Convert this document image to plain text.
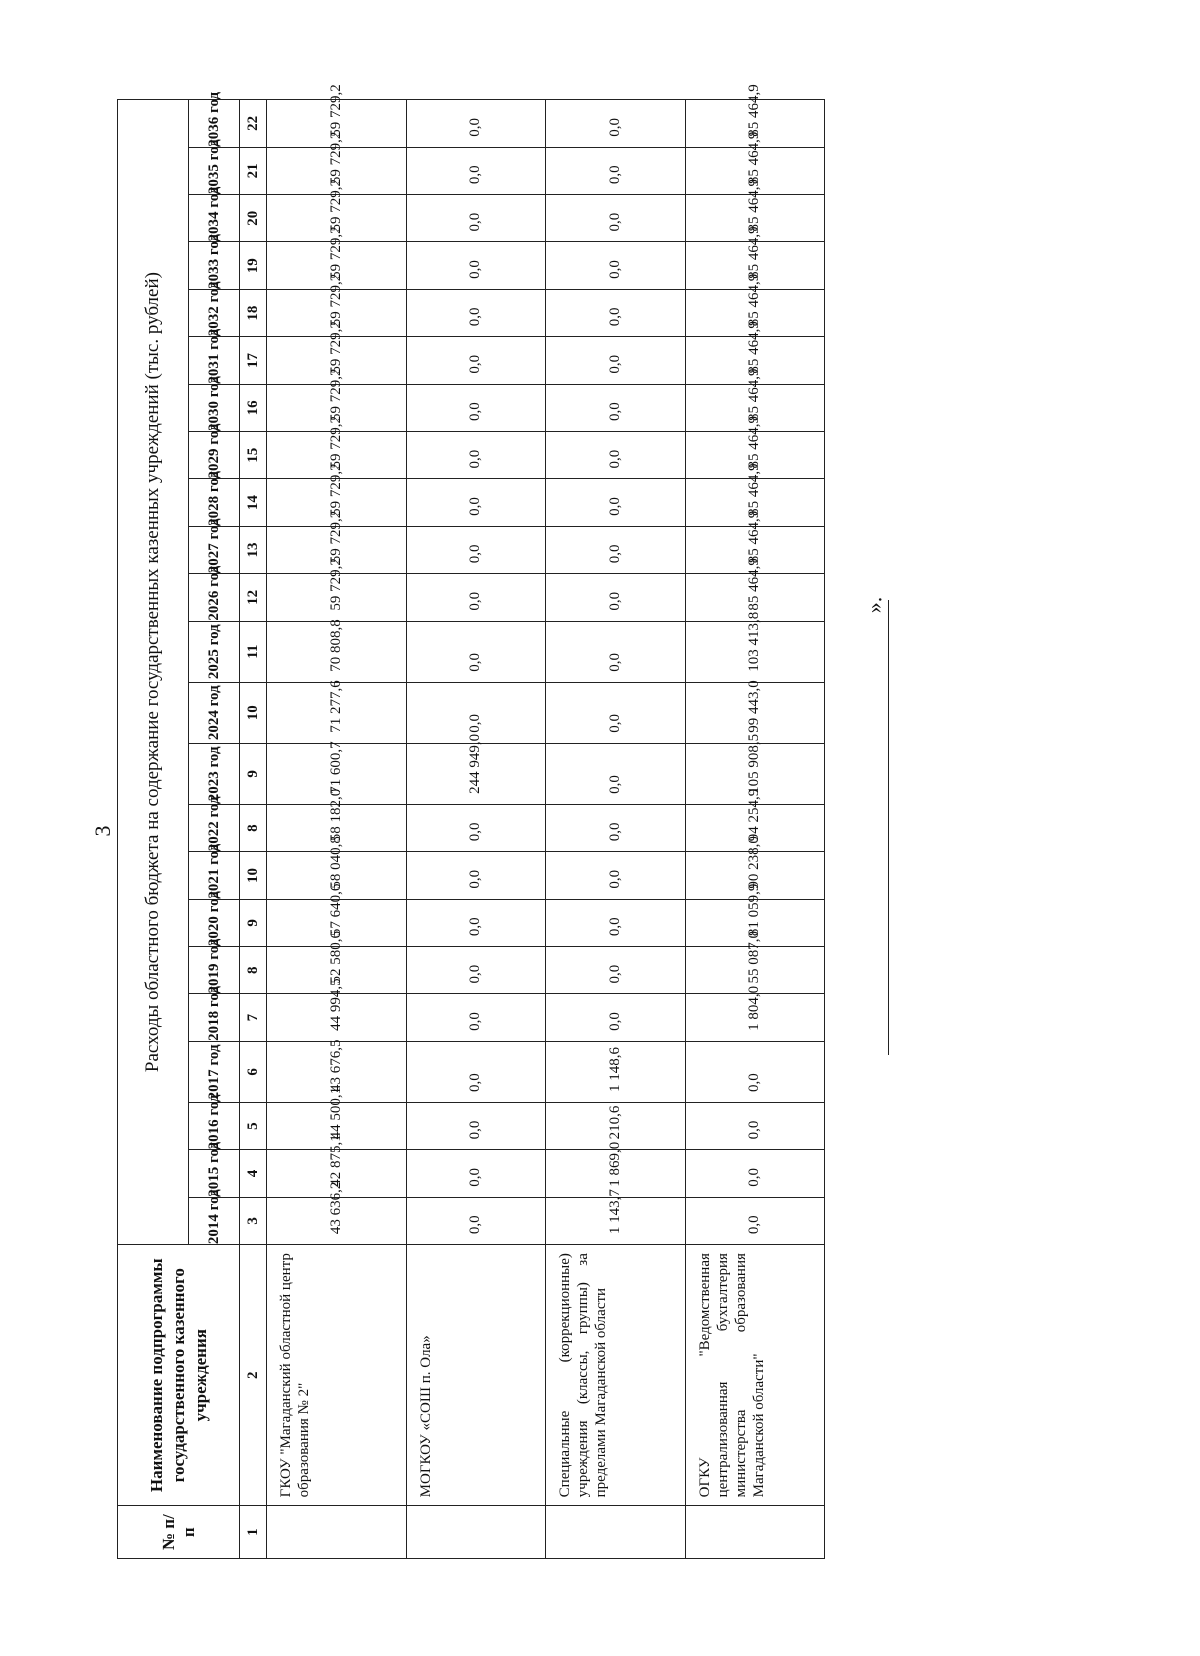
3
№ п/п	Наименование подпрограммы государственного казенного учреждения	Расходы областного бюджета на содержание государственных казенных учреждений (тыс. рублей)																						
		2014 год	2015 год	2016 год	2017 год	2018 год	2019 год	2020 год	2021 год	2022 год	2023 год	2024 год	2025 год	2026 год	2027 год	2028 год	2029 год	2030 год	2031 год	2032 год	2033 год	2034 год	2035 год	2036 год
1	2	3	4	5	6	7	8	9	10	8	9	10	11	12	13	14	15	16	17	18	19	20	21	22
	ГКОУ "Магаданский областной центр образования № 2"	43 636,2	42 875,1	44 500,1	43 676,5	44 994,5	52 580,6	57 640,6	58 040,8	58 182,0	71 600,7	71 277,6	70 808,8	59 729,2	59 729,2	59 729,2	59 729,2	59 729,2	59 729,2	59 729,2	59 729,2	59 729,2	59 729,2	59 729,2
	МОГКОУ «СОШ п. Ола»	0,0	0,0	0,0	0,0	0,0	0,0	0,0	0,0	0,0	244 949,0	0,0	0,0	0,0	0,0	0,0	0,0	0,0	0,0	0,0	0,0	0,0	0,0	0,0
	Специальные (коррекционные) учреждения (классы, группы) за пределами Магаданской области	1 143,7	1 869,0	210,6	1 148,6	0,0	0,0	0,0	0,0	0,0	0,0	0,0	0,0	0,0	0,0	0,0	0,0	0,0	0,0	0,0	0,0	0,0	0,0	0,0
	ОГКУ "Ведомственная централизованная бухгалтерия министерства образования Магаданской области"	0,0	0,0	0,0	0,0	1 804,0	55 087,0	81 059,9	90 238,0	94 254,9	105 908,5	99 443,0	103 413,8	85 464,9	85 464,9	85 464,9	85 464,9	85 464,9	85 464,9	85 464,9	85 464,9	85 464,9	85 464,9	85 464,9
».
